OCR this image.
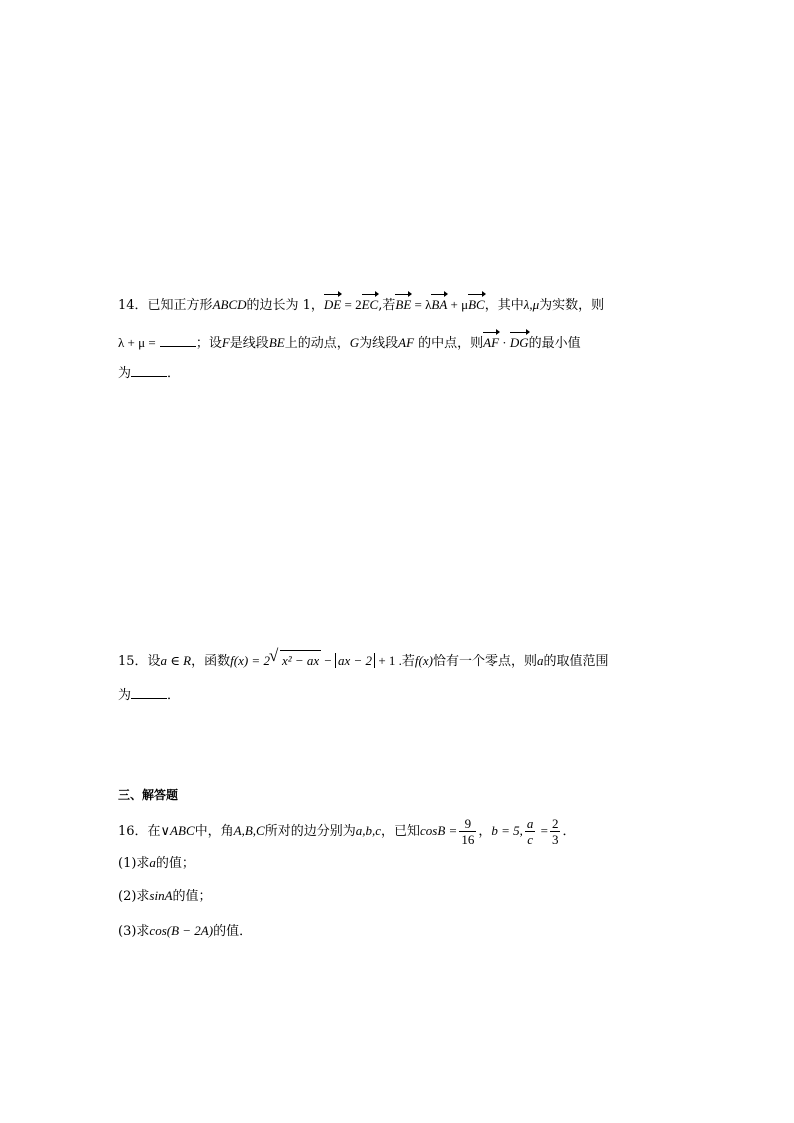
14．已知正方形ABCD的边长为 1，DE = 2EC,若BE = λBA + μBC，其中λ,μ为实数，则
λ + μ =	；设F是线段BE上的动点，G为线段AF 的中点，则AF · DG的最小值
为	．
15．设a ∈ R，函数f(x) = 2 √ x² − ax − ax − 2 + 1 .若f(x)恰有一个零点，则a的取值范围
为	．
三、解答题
16．在∨ABC中，角A,B,C所对的边分别为a,b,c，已知$\cos B = \frac{9}{16}$ ，b = 5, $\frac{a}{c} = \frac{2}{3}$ ．
(1)求a的值；
(2)求sinA的值；
(3)求cos(B − 2A)的值．
